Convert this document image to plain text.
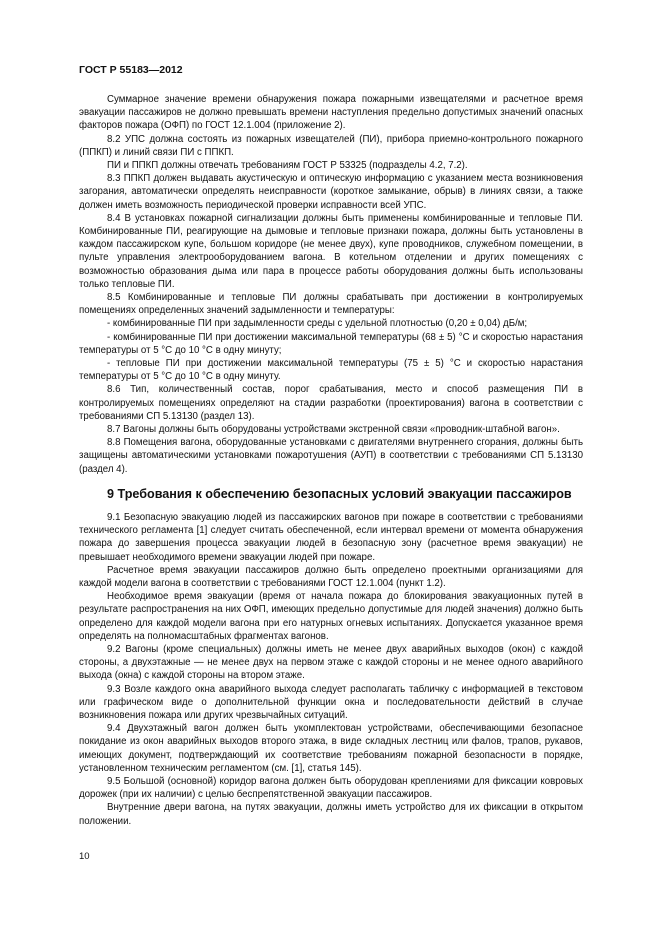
ГОСТ Р 55183—2012

Суммарное значение времени обнаружения пожара пожарными извещателями и расчетное время эвакуации пассажиров не должно превышать времени наступления предельно допустимых значений опасных факторов пожара (ОФП) по ГОСТ 12.1.004 (приложение 2).

8.2 УПС должна состоять из пожарных извещателей (ПИ), прибора приемно-контрольного пожарного (ППКП) и линий связи ПИ с ППКП.

ПИ и ППКП должны отвечать требованиям ГОСТ Р 53325 (подразделы 4.2, 7.2).

8.3 ППКП должен выдавать акустическую и оптическую информацию с указанием места возникновения загорания, автоматически определять неисправности (короткое замыкание, обрыв) в линиях связи, а также должен иметь возможность периодической проверки исправности всей УПС.

8.4 В установках пожарной сигнализации должны быть применены комбинированные и тепловые ПИ. Комбинированные ПИ, реагирующие на дымовые и тепловые признаки пожара, должны быть установлены в каждом пассажирском купе, большом коридоре (не менее двух), купе проводников, служебном помещении, в пульте управления электрооборудованием вагона. В котельном отделении и других помещениях с возможностью образования дыма или пара в процессе работы оборудования должны быть использованы только тепловые ПИ.

8.5 Комбинированные и тепловые ПИ должны срабатывать при достижении в контролируемых помещениях определенных значений задымленности и температуры:

- комбинированные ПИ при задымленности среды с удельной плотностью (0,20 ± 0,04) дБ/м;

- комбинированные ПИ при достижении максимальной температуры (68 ± 5) °С и скоростью нарастания температуры от 5 °С до 10 °С в одну минуту;

- тепловые ПИ при достижении максимальной температуры (75 ± 5) °С и скоростью нарастания температуры от 5 °С до 10 °С в одну минуту.

8.6 Тип, количественный состав, порог срабатывания, место и способ размещения ПИ в контролируемых помещениях определяют на стадии разработки (проектирования) вагона в соответствии с требованиями СП 5.13130 (раздел 13).

8.7 Вагоны должны быть оборудованы устройствами экстренной связи «проводник-штабной вагон».

8.8 Помещения вагона, оборудованные установками с двигателями внутреннего сгорания, должны быть защищены автоматическими установками пожаротушения (АУП) в соответствии с требованиями СП 5.13130 (раздел 4).

9 Требования к обеспечению безопасных условий эвакуации пассажиров

9.1 Безопасную эвакуацию людей из пассажирских вагонов при пожаре в соответствии с требованиями технического регламента [1] следует считать обеспеченной, если интервал времени от момента обнаружения пожара до завершения процесса эвакуации людей в безопасную зону (расчетное время эвакуации) не превышает необходимого времени эвакуации людей при пожаре.

Расчетное время эвакуации пассажиров должно быть определено проектными организациями для каждой модели вагона в соответствии с требованиями ГОСТ 12.1.004 (пункт 1.2).

Необходимое время эвакуации (время от начала пожара до блокирования эвакуационных путей в результате распространения на них ОФП, имеющих предельно допустимые для людей значения) должно быть определено для каждой модели вагона при его натурных огневых испытаниях. Допускается указанное время определять на полномасштабных фрагментах вагонов.

9.2 Вагоны (кроме специальных) должны иметь не менее двух аварийных выходов (окон) с каждой стороны, а двухэтажные — не менее двух на первом этаже с каждой стороны и не менее одного аварийного выхода (окна) с каждой стороны на втором этаже.

9.3 Возле каждого окна аварийного выхода следует располагать табличку с информацией в текстовом или графическом виде о дополнительной функции окна и последовательности действий в случае возникновения пожара или других чрезвычайных ситуаций.

9.4 Двухэтажный вагон должен быть укомплектован устройствами, обеспечивающими безопасное покидание из окон аварийных выходов второго этажа, в виде складных лестниц или фалов, трапов, рукавов, имеющих документ, подтверждающий их соответствие требованиям пожарной безопасности в порядке, установленном техническим регламентом (см. [1], статья 145).

9.5 Большой (основной) коридор вагона должен быть оборудован креплениями для фиксации ковровых дорожек (при их наличии) с целью беспрепятственной эвакуации пассажиров.

Внутренние двери вагона, на путях эвакуации, должны иметь устройство для их фиксации в открытом положении.

10
